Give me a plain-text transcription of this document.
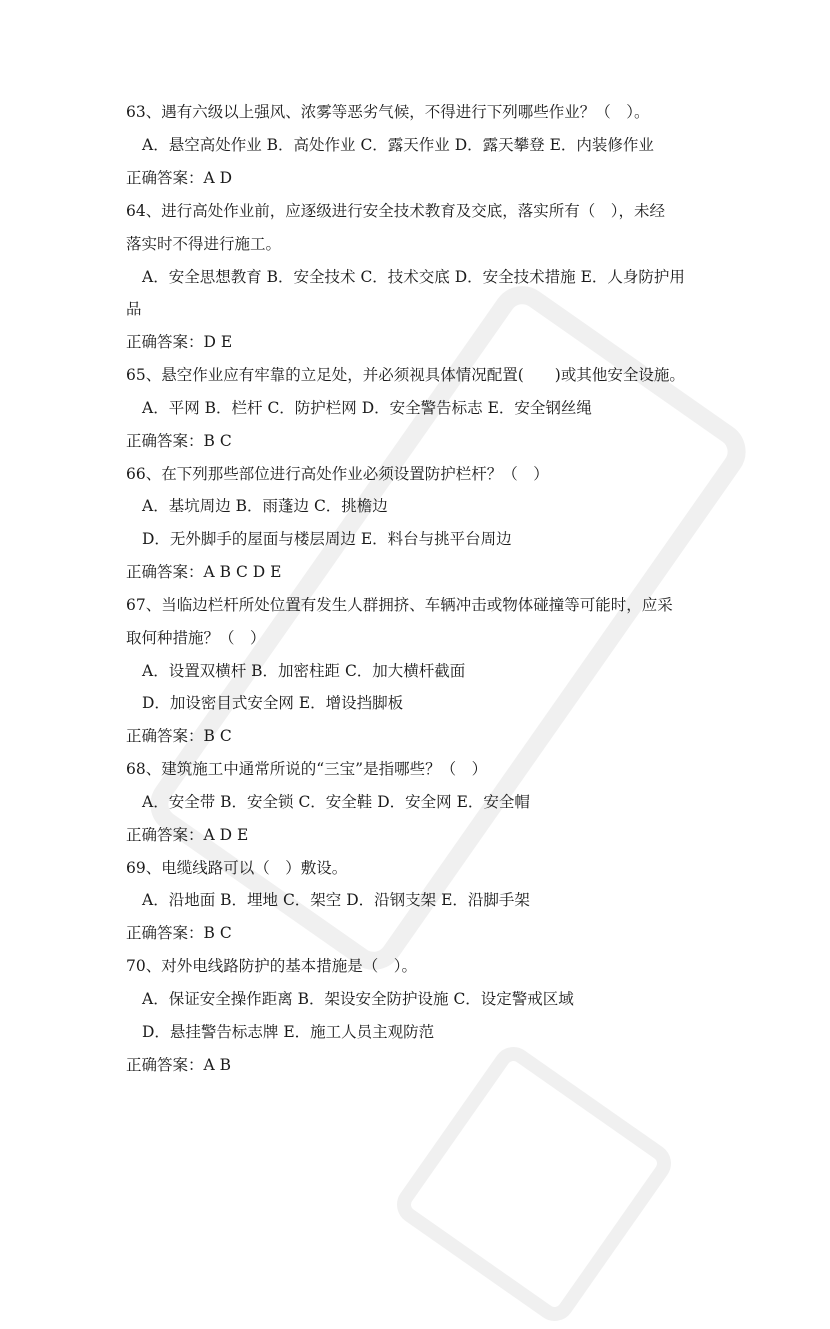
63、遇有六级以上强风、浓雾等恶劣气候，不得进行下列哪些作业？（　）。
A．悬空高处作业 B．高处作业 C．露天作业 D．露天攀登 E．内装修作业
正确答案：A D
64、进行高处作业前，应逐级进行安全技术教育及交底，落实所有（　），未经
落实时不得进行施工。
A．安全思想教育 B．安全技术 C．技术交底 D．安全技术措施 E．人身防护用
品
正确答案：D E
65、悬空作业应有牢靠的立足处，并必须视具体情况配置(　　)或其他安全设施。
A．平网 B．栏杆 C．防护栏网 D．安全警告标志 E．安全钢丝绳
正确答案：B C
66、在下列那些部位进行高处作业必须设置防护栏杆？（　）
A．基坑周边 B．雨蓬边 C．挑檐边
D．无外脚手的屋面与楼层周边 E．料台与挑平台周边
正确答案：A B C D E
67、当临边栏杆所处位置有发生人群拥挤、车辆冲击或物体碰撞等可能时，应采
取何种措施？（　）
A．设置双横杆 B．加密柱距 C．加大横杆截面
D．加设密目式安全网 E．增设挡脚板
正确答案：B C
68、建筑施工中通常所说的“三宝”是指哪些？（　）
A．安全带 B．安全锁 C．安全鞋 D．安全网 E．安全帽
正确答案：A D E
69、电缆线路可以（　）敷设。
A．沿地面 B．埋地 C．架空 D．沿钢支架 E．沿脚手架
正确答案：B C
70、对外电线路防护的基本措施是（　）。
A．保证安全操作距离 B．架设安全防护设施 C．设定警戒区域
D．悬挂警告标志牌 E．施工人员主观防范
正确答案：A B
